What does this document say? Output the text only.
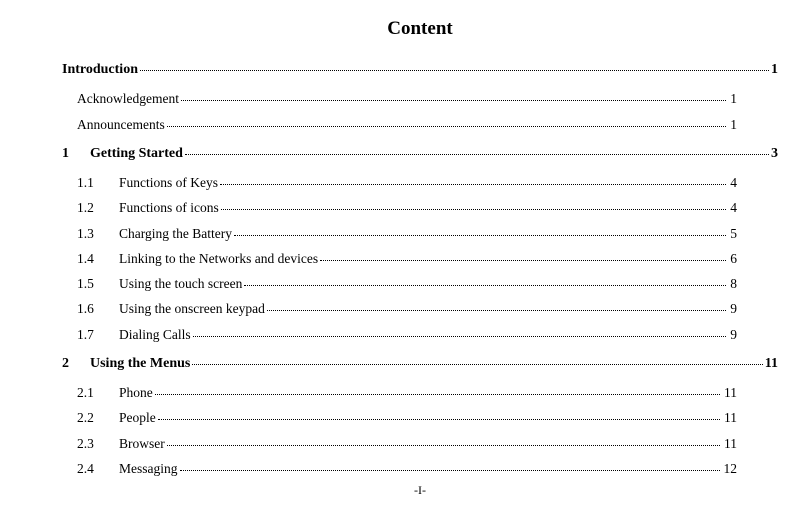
Content
Introduction	1
Acknowledgement	1
Announcements	1
1	Getting Started	3
1.1	Functions of Keys	4
1.2	Functions of icons	4
1.3	Charging the Battery	5
1.4	Linking to the Networks and devices	6
1.5	Using the touch screen	8
1.6	Using the onscreen keypad	9
1.7	Dialing Calls	9
2	Using the Menus	11
2.1	Phone	11
2.2	People	11
2.3	Browser	11
2.4	Messaging	12
-I-
